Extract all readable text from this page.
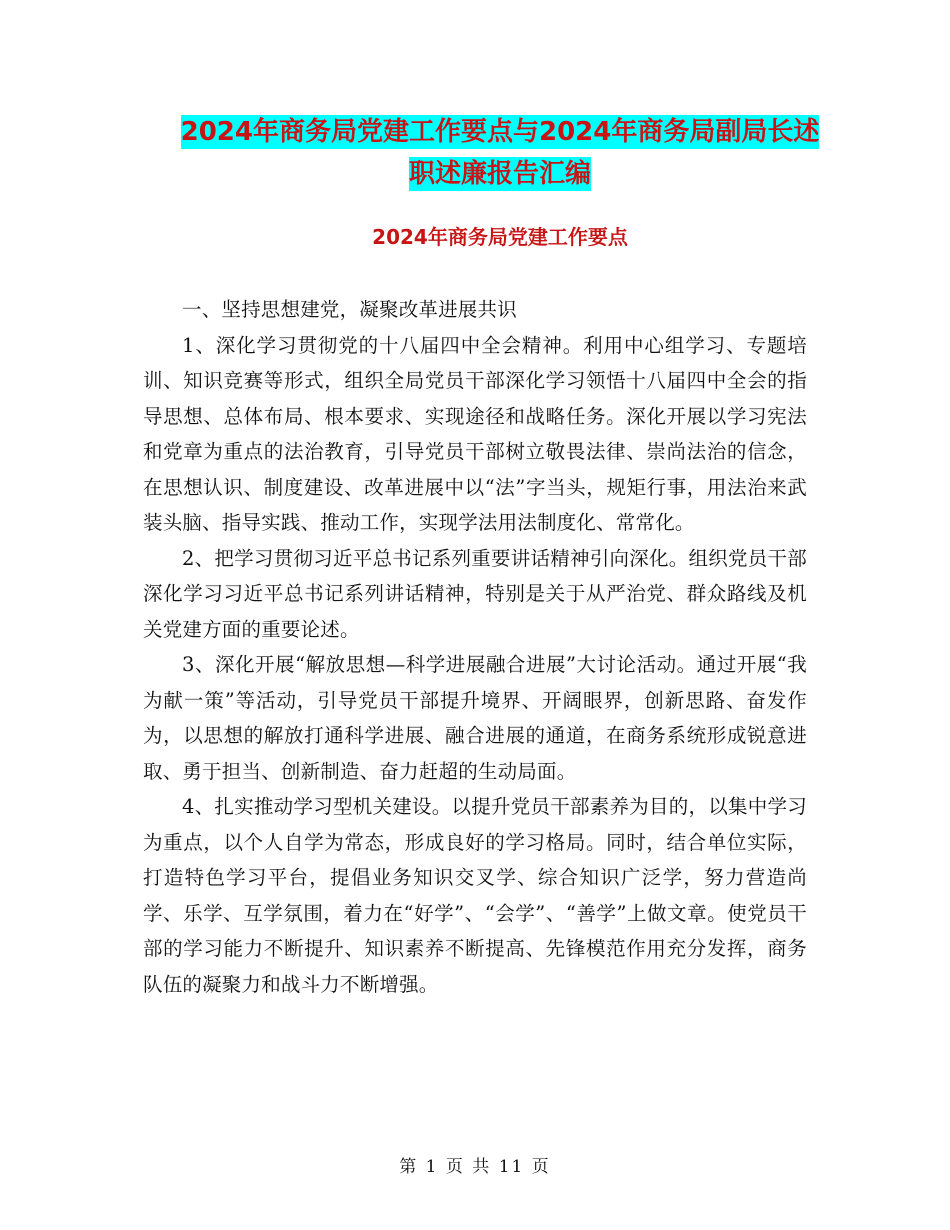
2024年商务局党建工作要点与2024年商务局副局长述
职述廉报告汇编
2024年商务局党建工作要点

一、坚持思想建党，凝聚改革进展共识

1、深化学习贯彻党的十八届四中全会精神。利用中心组学习、专题培训、知识竞赛等形式，组织全局党员干部深化学习领悟十八届四中全会的指导思想、总体布局、根本要求、实现途径和战略任务。深化开展以学习宪法和党章为重点的法治教育，引导党员干部树立敬畏法律、崇尚法治的信念，在思想认识、制度建设、改革进展中以“法”字当头，规矩行事，用法治来武装头脑、指导实践、推动工作，实现学法用法制度化、常常化。

2、把学习贯彻习近平总书记系列重要讲话精神引向深化。组织党员干部深化学习习近平总书记系列讲话精神，特别是关于从严治党、群众路线及机关党建方面的重要论述。

3、深化开展“解放思想—科学进展融合进展”大讨论活动。通过开展“我为献一策”等活动，引导党员干部提升境界、开阔眼界，创新思路、奋发作为，以思想的解放打通科学进展、融合进展的通道，在商务系统形成锐意进取、勇于担当、创新制造、奋力赶超的生动局面。

4、扎实推动学习型机关建设。以提升党员干部素养为目的，以集中学习为重点，以个人自学为常态，形成良好的学习格局。同时，结合单位实际，打造特色学习平台，提倡业务知识交叉学、综合知识广泛学，努力营造尚学、乐学、互学氛围，着力在“好学”、“会学”、“善学”上做文章。使党员干部的学习能力不断提升、知识素养不断提高、先锋模范作用充分发挥，商务队伍的凝聚力和战斗力不断增强。

第 1 页 共 11 页
